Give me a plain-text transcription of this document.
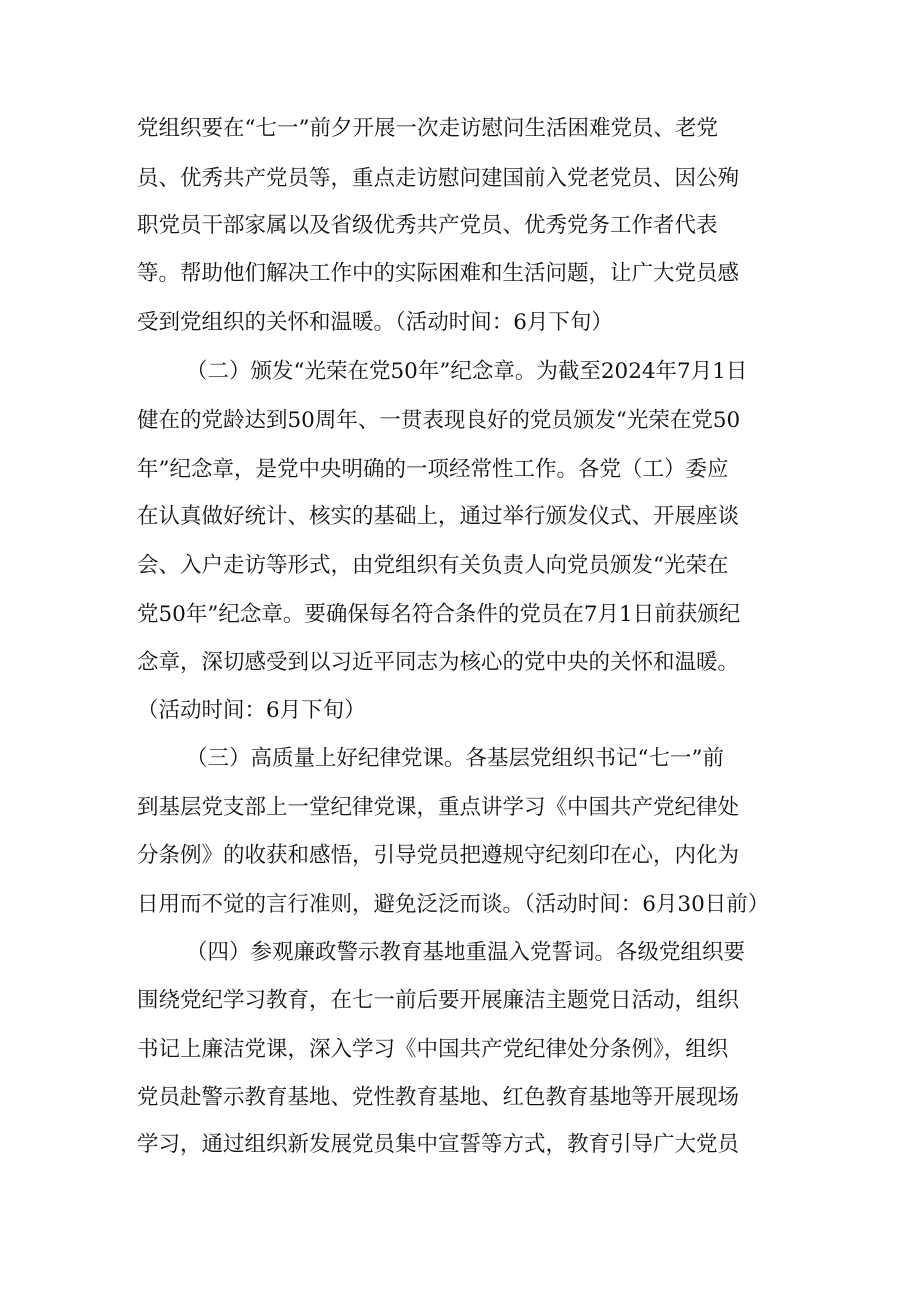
党组织要在“七一”前夕开展一次走访慰问生活困难党员、老党

员、优秀共产党员等，重点走访慰问建国前入党老党员、因公殉

职党员干部家属以及省级优秀共产党员、优秀党务工作者代表

等。帮助他们解决工作中的实际困难和生活问题，让广大党员感

受到党组织的关怀和温暖。（活动时间：6月下旬）

（二）颁发“光荣在党50年”纪念章。为截至2024年7月1日

健在的党龄达到50周年、一贯表现良好的党员颁发“光荣在党50

年”纪念章，是党中央明确的一项经常性工作。各党（工）委应

在认真做好统计、核实的基础上，通过举行颁发仪式、开展座谈

会、入户走访等形式，由党组织有关负责人向党员颁发“光荣在

党50年”纪念章。要确保每名符合条件的党员在7月1日前获颁纪

念章，深切感受到以习近平同志为核心的党中央的关怀和温暖。

（活动时间：6月下旬）

（三）高质量上好纪律党课。各基层党组织书记“七一”前

到基层党支部上一堂纪律党课，重点讲学习《中国共产党纪律处

分条例》的收获和感悟，引导党员把遵规守纪刻印在心，内化为

日用而不觉的言行准则，避免泛泛而谈。（活动时间：6月30日前）

（四）参观廉政警示教育基地重温入党誓词。各级党组织要

围绕党纪学习教育，在七一前后要开展廉洁主题党日活动，组织

书记上廉洁党课，深入学习《中国共产党纪律处分条例》，组织

党员赴警示教育基地、党性教育基地、红色教育基地等开展现场

学习，通过组织新发展党员集中宣誓等方式，教育引导广大党员
